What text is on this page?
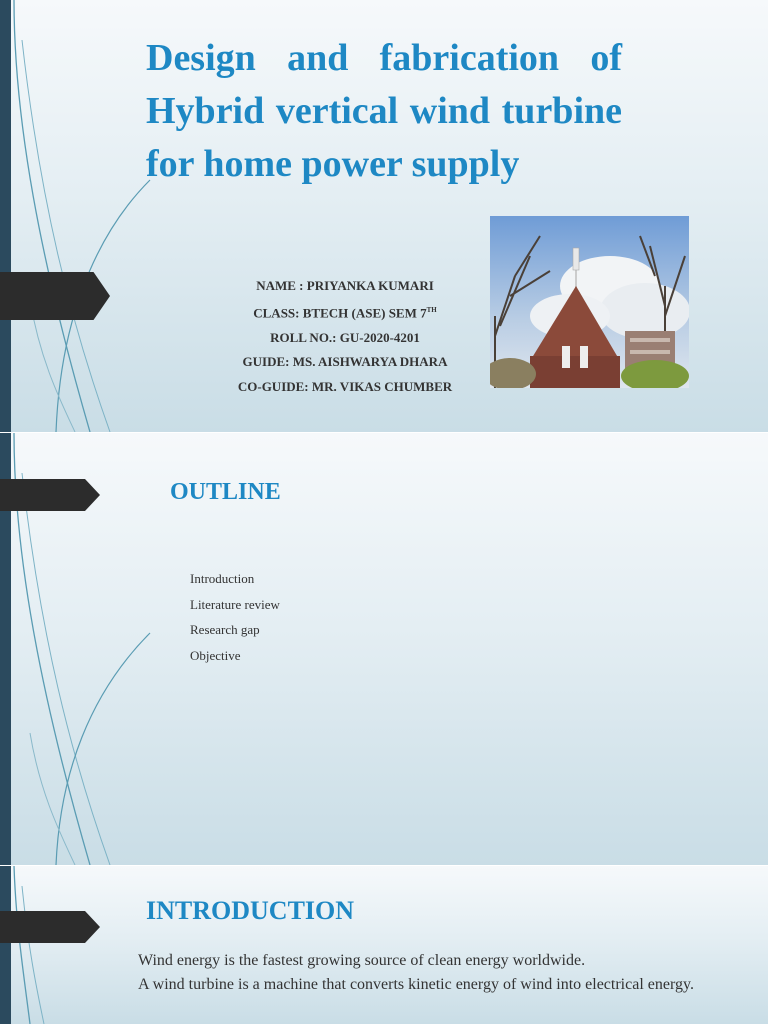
Design and fabrication of Hybrid vertical wind turbine for home power supply
NAME : PRIYANKA KUMARI
CLASS: BTECH (ASE) SEM 7TH
ROLL NO.: GU-2020-4201
GUIDE: MS. AISHWARYA DHARA
CO-GUIDE: MR. VIKAS CHUMBER
OUTLINE
Introduction
Literature review
Research gap
Objective
INTRODUCTION
Wind energy is the fastest growing source of clean energy worldwide.
A wind turbine is a machine that converts kinetic energy of wind into electrical energy.
